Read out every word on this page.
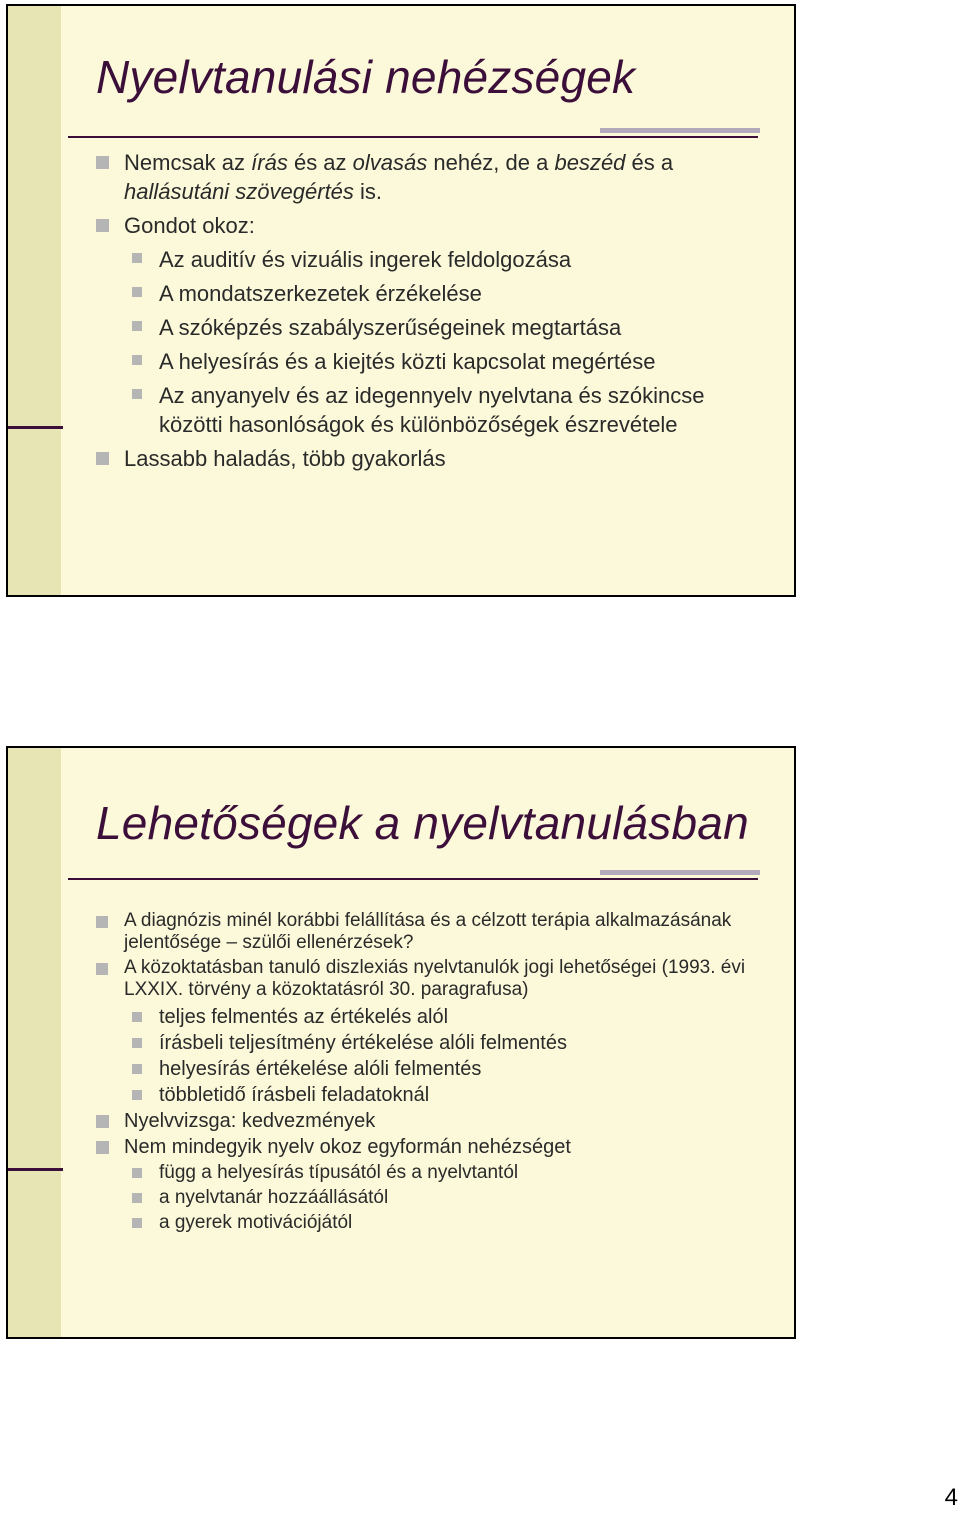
Nyelvtanulási nehézségek
Nemcsak az írás és az olvasás nehéz, de a beszéd és a hallásutáni szövegértés is.
Gondot okoz:
Az auditív és vizuális ingerek feldolgozása
A mondatszerkezetek érzékelése
A szóképzés szabályszerűségeinek megtartása
A helyesírás és a kiejtés közti kapcsolat megértése
Az anyanyelv és az idegennyelv nyelvtana és szókincse közötti hasonlóságok és különbözőségek észrevétele
Lassabb haladás, több gyakorlás
Lehetőségek a nyelvtanulásban
A diagnózis minél korábbi felállítása és a célzott terápia alkalmazásának jelentősége – szülői ellenérzések?
A közoktatásban tanuló diszlexiás nyelvtanulók jogi lehetőségei (1993. évi LXXIX. törvény a közoktatásról 30. paragrafusa)
teljes felmentés az értékelés alól
írásbeli teljesítmény értékelése alóli felmentés
helyesírás értékelése alóli felmentés
többletidő írásbeli feladatoknál
Nyelvvizsga: kedvezmények
Nem mindegyik nyelv okoz egyformán nehézséget
függ a helyesírás típusától és a nyelvtantól
a nyelvtanár hozzáállásától
a gyerek motivációjától
4
